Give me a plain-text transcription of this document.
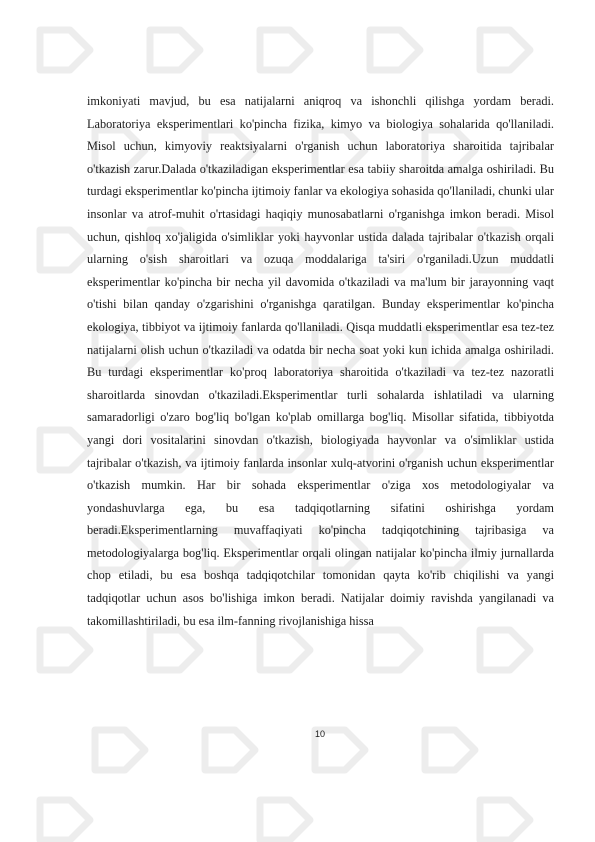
imkoniyati mavjud, bu esa natijalarni aniqroq va ishonchli qilishga yordam beradi. Laboratoriya eksperimentlari ko'pincha fizika, kimyo va biologiya sohalarida qo'llaniladi. Misol uchun, kimyoviy reaktsiyalarni o'rganish uchun laboratoriya sharoitida tajribalar o'tkazish zarur.Dalada o'tkaziladigan eksperimentlar esa tabiiy sharoitda amalga oshiriladi. Bu turdagi eksperimentlar ko'pincha ijtimoiy fanlar va ekologiya sohasida qo'llaniladi, chunki ular insonlar va atrof-muhit o'rtasidagi haqiqiy munosabatlarni o'rganishga imkon beradi. Misol uchun, qishloq xo'jaligida o'simliklar yoki hayvonlar ustida dalada tajribalar o'tkazish orqali ularning o'sish sharoitlari va ozuqa moddalariga ta'siri o'rganiladi.Uzun muddatli eksperimentlar ko'pincha bir necha yil davomida o'tkaziladi va ma'lum bir jarayonning vaqt o'tishi bilan qanday o'zgarishini o'rganishga qaratilgan. Bunday eksperimentlar ko'pincha ekologiya, tibbiyot va ijtimoiy fanlarda qo'llaniladi. Qisqa muddatli eksperimentlar esa tez-tez natijalarni olish uchun o'tkaziladi va odatda bir necha soat yoki kun ichida amalga oshiriladi. Bu turdagi eksperimentlar ko'proq laboratoriya sharoitida o'tkaziladi va tez-tez nazoratli sharoitlarda sinovdan o'tkaziladi.Eksperimentlar turli sohalarda ishlatiladi va ularning samaradorligi o'zaro bog'liq bo'lgan ko'plab omillarga bog'liq. Misollar sifatida, tibbiyotda yangi dori vositalarini sinovdan o'tkazish, biologiyada hayvonlar va o'simliklar ustida tajribalar o'tkazish, va ijtimoiy fanlarda insonlar xulq-atvorini o'rganish uchun eksperimentlar o'tkazish mumkin. Har bir sohada eksperimentlar o'ziga xos metodologiyalar va yondashuvlarga ega, bu esa tadqiqotlarning sifatini oshirishga yordam beradi.Eksperimentlarning muvaffaqiyati ko'pincha tadqiqotchining tajribasiga va metodologiyalarga bog'liq. Eksperimentlar orqali olingan natijalar ko'pincha ilmiy jurnallarda chop etiladi, bu esa boshqa tadqiqotchilar tomonidan qayta ko'rib chiqilishi va yangi tadqiqotlar uchun asos bo'lishiga imkon beradi. Natijalar doimiy ravishda yangilanadi va takomillashtiriladi, bu esa ilm-fanning rivojlanishiga hissa
10
